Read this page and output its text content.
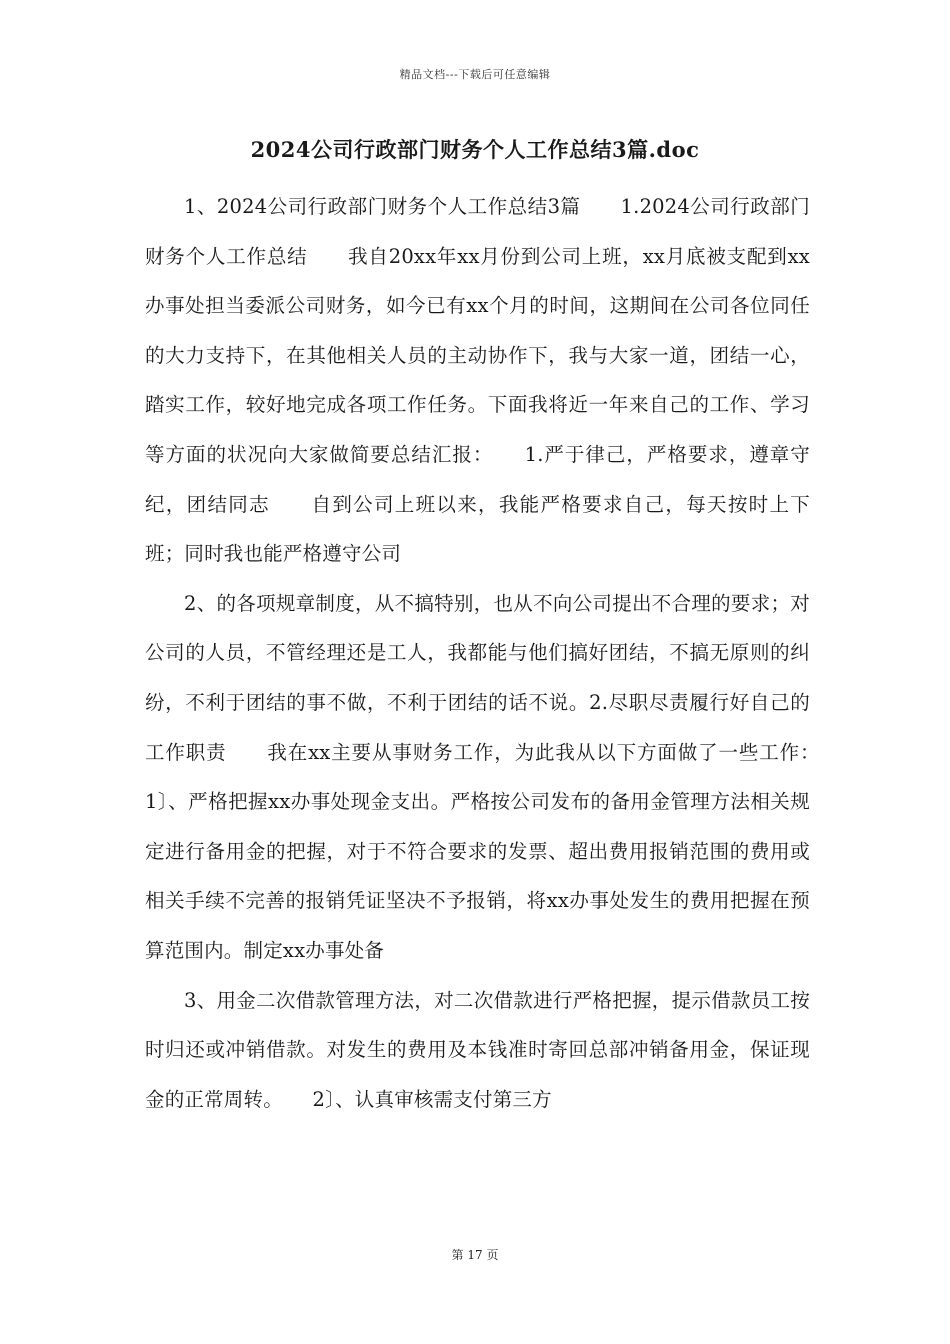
精品文档---下载后可任意编辑
2024公司行政部门财务个人工作总结3篇.doc

1、2024公司行政部门财务个人工作总结3篇　　1.2024公司行政部门财务个人工作总结　　我自20xx年xx月份到公司上班，xx月底被支配到xx办事处担当委派公司财务，如今已有xx个月的时间，这期间在公司各位同任的大力支持下，在其他相关人员的主动协作下，我与大家一道，团结一心，踏实工作，较好地完成各项工作任务。下面我将近一年来自己的工作、学习等方面的状况向大家做简要总结汇报：　　1.严于律己，严格要求，遵章守纪，团结同志　　自到公司上班以来，我能严格要求自己，每天按时上下班；同时我也能严格遵守公司

2、的各项规章制度，从不搞特别，也从不向公司提出不合理的要求；对公司的人员，不管经理还是工人，我都能与他们搞好团结，不搞无原则的纠纷，不利于团结的事不做，不利于团结的话不说。2.尽职尽责履行好自己的工作职责　　我在xx主要从事财务工作，为此我从以下方面做了一些工作：　　1〕、严格把握xx办事处现金支出。严格按公司发布的备用金管理方法相关规定进行备用金的把握，对于不符合要求的发票、超出费用报销范围的费用或相关手续不完善的报销凭证坚决不予报销，将xx办事处发生的费用把握在预算范围内。制定xx办事处备

3、用金二次借款管理方法，对二次借款进行严格把握，提示借款员工按时归还或冲销借款。对发生的费用及本钱准时寄回总部冲销备用金，保证现金的正常周转。　　2〕、认真审核需支付第三方

第 17 页
